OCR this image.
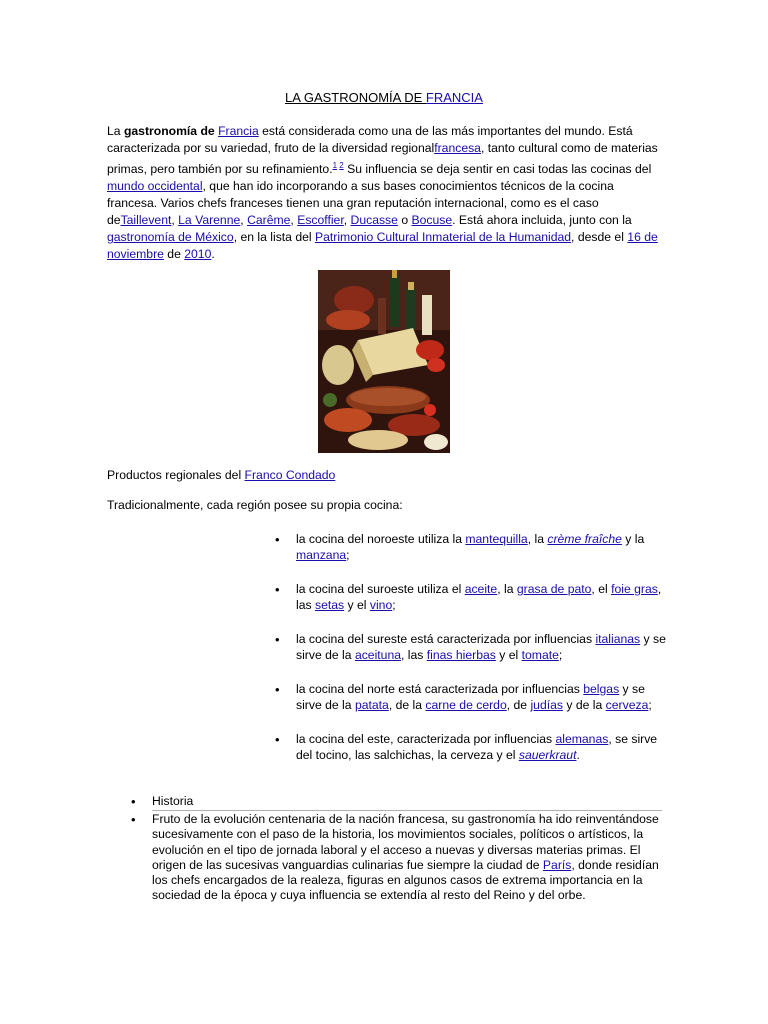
LA GASTRONOMÍA DE FRANCIA

La gastronomía de Francia está considerada como una de las más importantes del mundo. Está caracterizada por su variedad, fruto de la diversidad regionalfrancesa, tanto cultural como de materias primas, pero también por su refinamiento.$^{1 2}$ Su influencia se deja sentir en casi todas las cocinas del mundo occidental, que han ido incorporando a sus bases conocimientos técnicos de la cocina francesa. Varios chefs franceses tienen una gran reputación internacional, como es el caso deTaillevent, La Varenne, Carême, Escoffier, Ducasse o Bocuse. Está ahora incluida, junto con la gastronomía de México, en la lista del Patrimonio Cultural Inmaterial de la Humanidad, desde el 16 de noviembre de 2010.

Productos regionales del Franco Condado

Tradicionalmente, cada región posee su propia cocina:

• la cocina del noroeste utiliza la mantequilla, la crème fraîche y la manzana;
• la cocina del suroeste utiliza el aceite, la grasa de pato, el foie gras, las setas y el vino;
• la cocina del sureste está caracterizada por influencias italianas y se sirve de la aceituna, las finas hierbas y el tomate;
• la cocina del norte está caracterizada por influencias belgas y se sirve de la patata, de la carne de cerdo, de judías y de la cerveza;
• la cocina del este, caracterizada por influencias alemanas, se sirve del tocino, las salchichas, la cerveza y el sauerkraut.
• Historia
• Fruto de la evolución centenaria de la nación francesa, su gastronomía ha ido reinventándose sucesivamente con el paso de la historia, los movimientos sociales, políticos o artísticos, la evolución en el tipo de jornada laboral y el acceso a nuevas y diversas materias primas. El origen de las sucesivas vanguardias culinarias fue siempre la ciudad de París, donde residían los chefs encargados de la realeza, figuras en algunos casos de extrema importancia en la sociedad de la época y cuya influencia se extendía al resto del Reino y del orbe.
